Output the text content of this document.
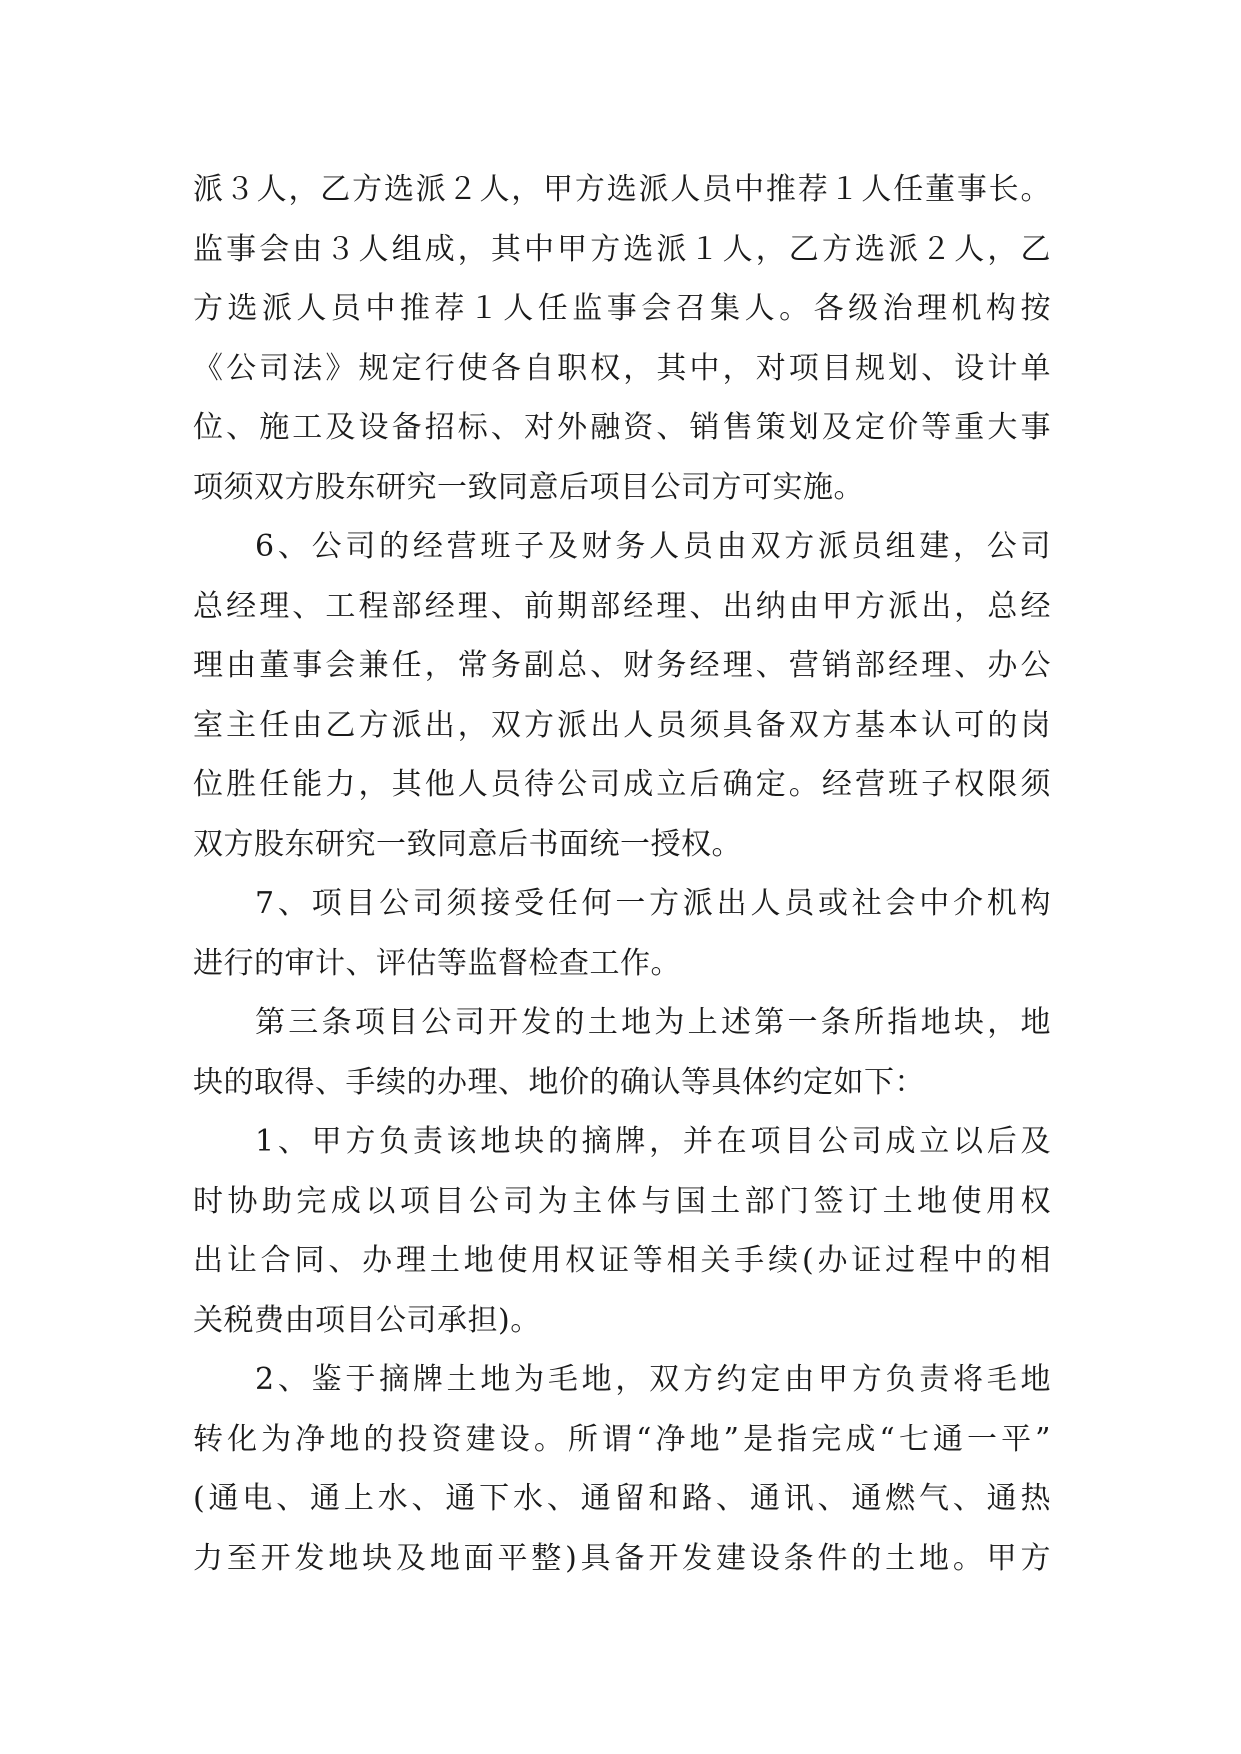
派３人，乙方选派２人，甲方选派人员中推荐１人任董事长。
监事会由３人组成，其中甲方选派１人，乙方选派２人，乙
方选派人员中推荐１人任监事会召集人。各级治理机构按
《公司法》规定行使各自职权，其中，对项目规划、设计单
位、施工及设备招标、对外融资、销售策划及定价等重大事
项须双方股东研究一致同意后项目公司方可实施。
6、公司的经营班子及财务人员由双方派员组建，公司
总经理、工程部经理、前期部经理、出纳由甲方派出，总经
理由董事会兼任，常务副总、财务经理、营销部经理、办公
室主任由乙方派出，双方派出人员须具备双方基本认可的岗
位胜任能力，其他人员待公司成立后确定。经营班子权限须
双方股东研究一致同意后书面统一授权。
7、项目公司须接受任何一方派出人员或社会中介机构
进行的审计、评估等监督检查工作。
第三条项目公司开发的土地为上述第一条所指地块，地
块的取得、手续的办理、地价的确认等具体约定如下：
1、甲方负责该地块的摘牌，并在项目公司成立以后及
时协助完成以项目公司为主体与国土部门签订土地使用权
出让合同、办理土地使用权证等相关手续(办证过程中的相
关税费由项目公司承担)。
2、鉴于摘牌土地为毛地，双方约定由甲方负责将毛地
转化为净地的投资建设。所谓“净地”是指完成“七通一平”
(通电、通上水、通下水、通留和路、通讯、通燃气、通热
力至开发地块及地面平整)具备开发建设条件的土地。甲方
